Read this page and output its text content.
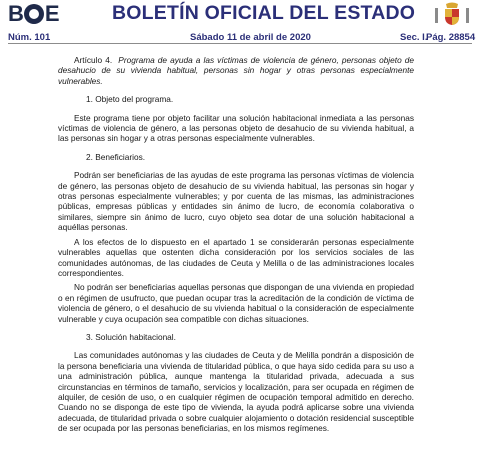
B E	BOLETÍN OFICIAL DEL ESTADO
Núm. 101	Sábado 11 de abril de 2020	Sec. I.
Pág. 28854

Artículo 4. Programa de ayuda a las víctimas de violencia de género, personas objeto de desahucio de su vivienda habitual, personas sin hogar y otras personas especialmente vulnerables.

1. Objeto del programa.

Este programa tiene por objeto facilitar una solución habitacional inmediata a las personas víctimas de violencia de género, a las personas objeto de desahucio de su vivienda habitual, a las personas sin hogar y a otras personas especialmente vulnerables.

2. Beneficiarios.

Podrán ser beneficiarias de las ayudas de este programa las personas víctimas de violencia de género, las personas objeto de desahucio de su vivienda habitual, las personas sin hogar y otras personas especialmente vulnerables; y por cuenta de las mismas, las administraciones públicas, empresas públicas y entidades sin ánimo de lucro, de economía colaborativa o similares, siempre sin ánimo de lucro, cuyo objeto sea dotar de una solución habitacional a aquéllas personas.

A los efectos de lo dispuesto en el apartado 1 se considerarán personas especialmente vulnerables aquellas que ostenten dicha consideración por los servicios sociales de las comunidades autónomas, de las ciudades de Ceuta y Melilla o de las administraciones locales correspondientes.

No podrán ser beneficiarias aquellas personas que dispongan de una vivienda en propiedad o en régimen de usufructo, que puedan ocupar tras la acreditación de la condición de víctima de violencia de género, o el desahucio de su vivienda habitual o la consideración de especialmente vulnerable y cuya ocupación sea compatible con dichas situaciones.

3. Solución habitacional.

Las comunidades autónomas y las ciudades de Ceuta y de Melilla pondrán a disposición de la persona beneficiaria una vivienda de titularidad pública, o que haya sido cedida para su uso a una administración pública, aunque mantenga la titularidad privada, adecuada a sus circunstancias en términos de tamaño, servicios y localización, para ser ocupada en régimen de alquiler, de cesión de uso, o en cualquier régimen de ocupación temporal admitido en derecho. Cuando no se disponga de este tipo de vivienda, la ayuda podrá aplicarse sobre una vivienda adecuada, de titularidad privada o sobre cualquier alojamiento o dotación residencial susceptible de ser ocupada por las personas beneficiarias, en los mismos regímenes.
